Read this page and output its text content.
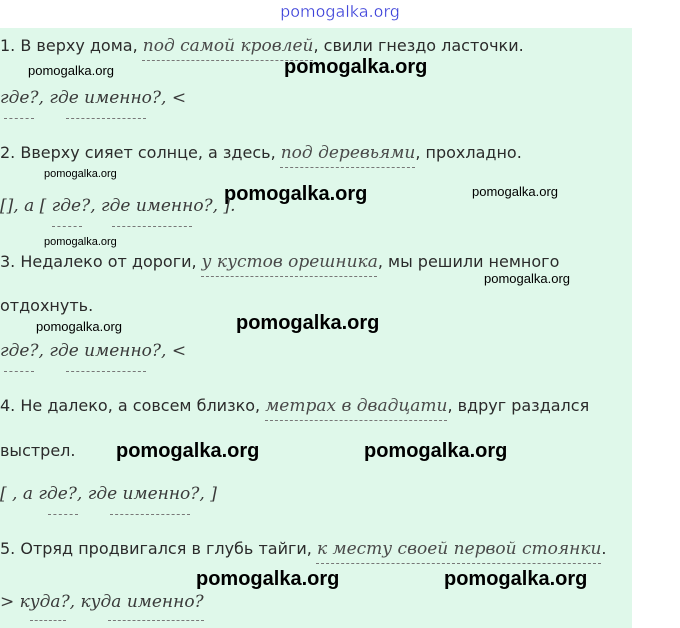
pomogalka.org
1. В верху дома, под самой кровлей, свили гнездо ласточки.
pomogalka.org	pomogalka.org
где?, где именно?, <
2. Вверху сияет солнце, а здесь, под деревьями, прохладно.
pomogalka.org
pomogalka.org	pomogalka.org
[], а [ где?, где именно?, ].
pomogalka.org
3. Недалеко от дороги, у кустов орешника, мы решили немного
pomogalka.org
отдохнуть.
pomogalka.org	pomogalka.org
где?, где именно?, <
4. Не далеко, а совсем близко, метрах в двадцати, вдруг раздался
выстрел. pomogalka.org	pomogalka.org
[ , а где?, где именно?, ]
5. Отряд продвигался в глубь тайги, к месту своей первой стоянки.
pomogalka.org	pomogalka.org
> куда?, куда именно?
